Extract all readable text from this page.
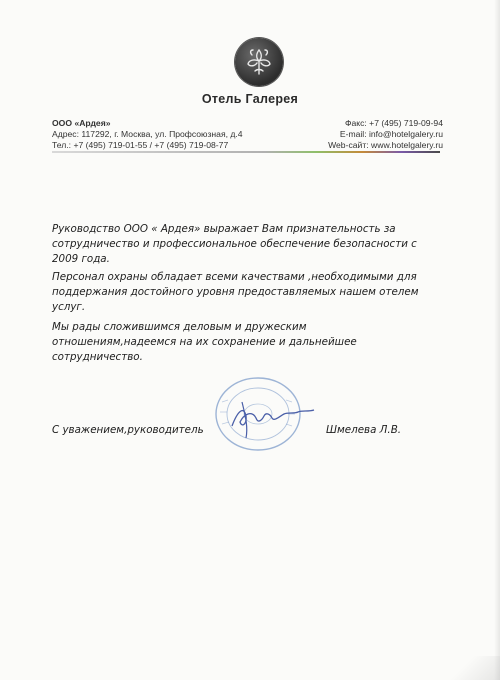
Отель Галерея
ООО «Ардея»
Адрес: 117292, г. Москва, ул. Профсоюзная, д.4
Тел.: +7 (495) 719-01-55 / +7 (495) 719-08-77
Факс: +7 (495) 719-09-94
E-mail: info@hotelgalery.ru
Web-сайт: www.hotelgalery.ru
Руководство ООО « Ардея» выражает Вам признательность за
сотрудничество и профессиональное обеспечение безопасности с
2009 года.
Персонал охраны обладает всеми качествами ,необходимыми для поддержания достойного уровня предоставляемых нашем отелем услуг.
Мы рады сложившимся деловым и дружеским отношениям,надеемся на их сохранение и дальнейшее сотрудничество.
С уважением,руководитель	Шмелева Л.В.
